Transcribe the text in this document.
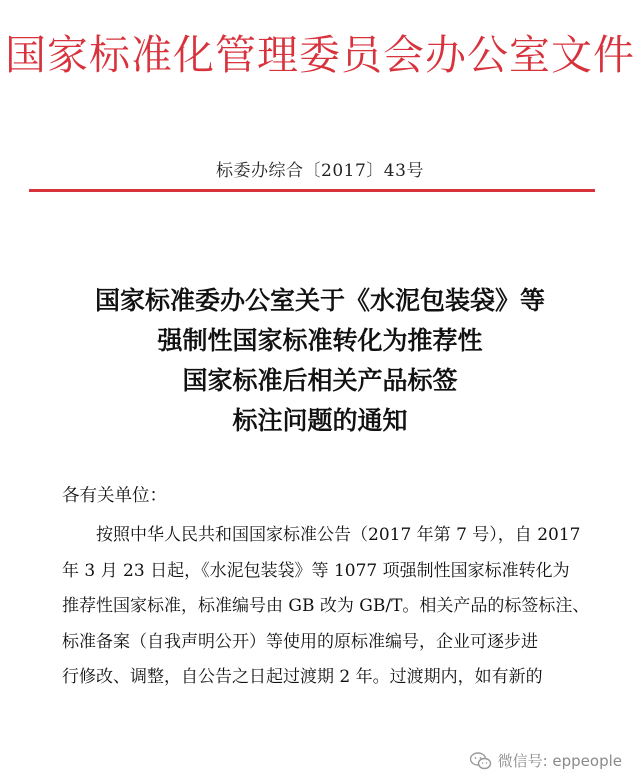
国家标准化管理委员会办公室文件
标委办综合〔2017〕43号
国家标准委办公室关于《水泥包装袋》等
强制性国家标准转化为推荐性
国家标准后相关产品标签
标注问题的通知
各有关单位：
　　按照中华人民共和国国家标准公告（2017 年第 7 号），自 2017
年 3 月 23 日起，《水泥包装袋》等 1077 项强制性国家标准转化为
推荐性国家标准，标准编号由 GB 改为 GB/T。相关产品的标签标注、
标准备案（自我声明公开）等使用的原标准编号，企业可逐步进
行修改、调整，自公告之日起过渡期 2 年。过渡期内，如有新的
微信号: eppeople
